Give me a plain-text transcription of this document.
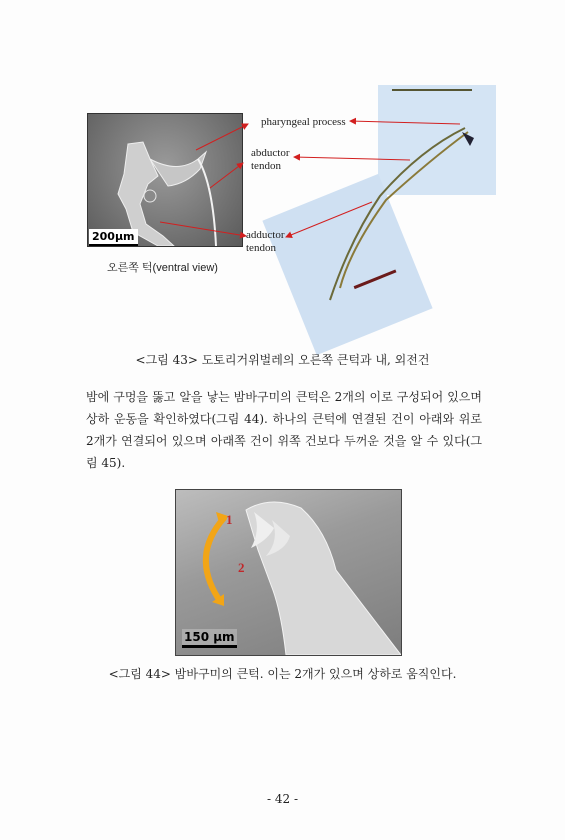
200μm
오른쪽 턱(ventral view)
pharyngeal process
abductor
tendon
adductor
tendon
<그림 43> 도토리거위벌레의 오른쪽 큰턱과 내, 외전건
밤에 구멍을 뚫고 알을 낳는 밤바구미의 큰턱은 2개의 이로 구성되어 있으며 상하 운동을 확인하였다(그림 44). 하나의 큰턱에 연결된 건이 아래와 위로 2개가 연결되어 있으며 아래쪽 건이 위쪽 건보다 두꺼운 것을 알 수 있다(그림 45).
1
2
150 μm
<그림 44> 밤바구미의 큰턱. 이는 2개가 있으며 상하로 움직인다.
- 42 -
